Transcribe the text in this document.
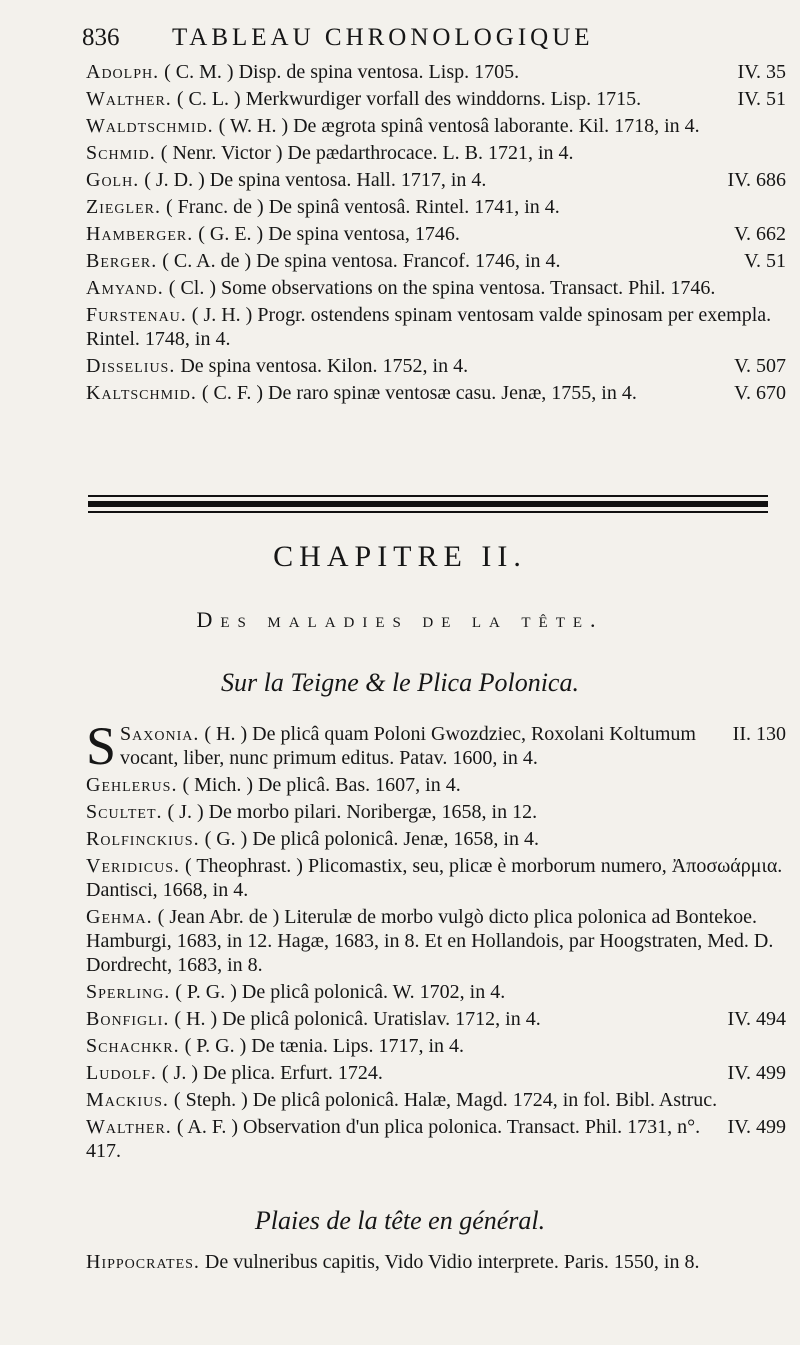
836 TABLEAU CHRONOLOGIQUE
IV. 35
Adolph. ( C. M. ) Disp. de spina ventosa. Lisp. 1705.
IV. 51
Walther. ( C. L. ) Merkwurdiger vorfall des winddorns. Lisp. 1715.
Waldtschmid. ( W. H. ) De ægrota spinâ ventosâ laborante. Kil. 1718, in 4.
Schmid. ( Nenr. Victor ) De pædarthrocace. L. B. 1721, in 4.
IV. 686
Golh. ( J. D. ) De spina ventosa. Hall. 1717, in 4.
Ziegler. ( Franc. de ) De spinâ ventosâ. Rintel. 1741, in 4.
V. 662
Hamberger. ( G. E. ) De spina ventosa, 1746.
V. 51
Berger. ( C. A. de ) De spina ventosa. Francof. 1746, in 4.
Amyand. ( Cl. ) Some observations on the spina ventosa. Transact. Phil. 1746.
Furstenau. ( J. H. ) Progr. ostendens spinam ventosam valde spinosam per exempla. Rintel. 1748, in 4.
V. 507
Disselius. De spina ventosa. Kilon. 1752, in 4.
V. 670
Kaltschmid. ( C. F. ) De raro spinæ ventosæ casu. Jenæ, 1755, in 4.
CHAPITRE II.
Des maladies de la tête.
Sur la Teigne & le Plica Polonica.
II. 130
S Saxonia. ( H. ) De plicâ quam Poloni Gwozdziec, Roxolani Koltumum vocant, liber, nunc primum editus. Patav. 1600, in 4.
Gehlerus. ( Mich. ) De plicâ. Bas. 1607, in 4.
Scultet. ( J. ) De morbo pilari. Noribergæ, 1658, in 12.
Rolfinckius. ( G. ) De plicâ polonicâ. Jenæ, 1658, in 4.
Veridicus. ( Theophrast. ) Plicomastix, seu, plicæ è morborum numero, Ἀποσωάρμια. Dantisci, 1668, in 4.
Gehma. ( Jean Abr. de ) Literulæ de morbo vulgò dicto plica polonica ad Bontekoe. Hamburgi, 1683, in 12. Hagæ, 1683, in 8. Et en Hollandois, par Hoogstraten, Med. D. Dordrecht, 1683, in 8.
Sperling. ( P. G. ) De plicâ polonicâ. W. 1702, in 4.
IV. 494
Bonfigli. ( H. ) De plicâ polonicâ. Uratislav. 1712, in 4.
Schachkr. ( P. G. ) De tænia. Lips. 1717, in 4.
IV. 499
Ludolf. ( J. ) De plica. Erfurt. 1724.
Mackius. ( Steph. ) De plicâ polonicâ. Halæ, Magd. 1724, in fol. Bibl. Astruc.
IV. 499
Walther. ( A. F. ) Observation d'un plica polonica. Transact. Phil. 1731, n°. 417.
Plaies de la tête en général.
Hippocrates. De vulneribus capitis, Vido Vidio interprete. Paris. 1550, in 8.
